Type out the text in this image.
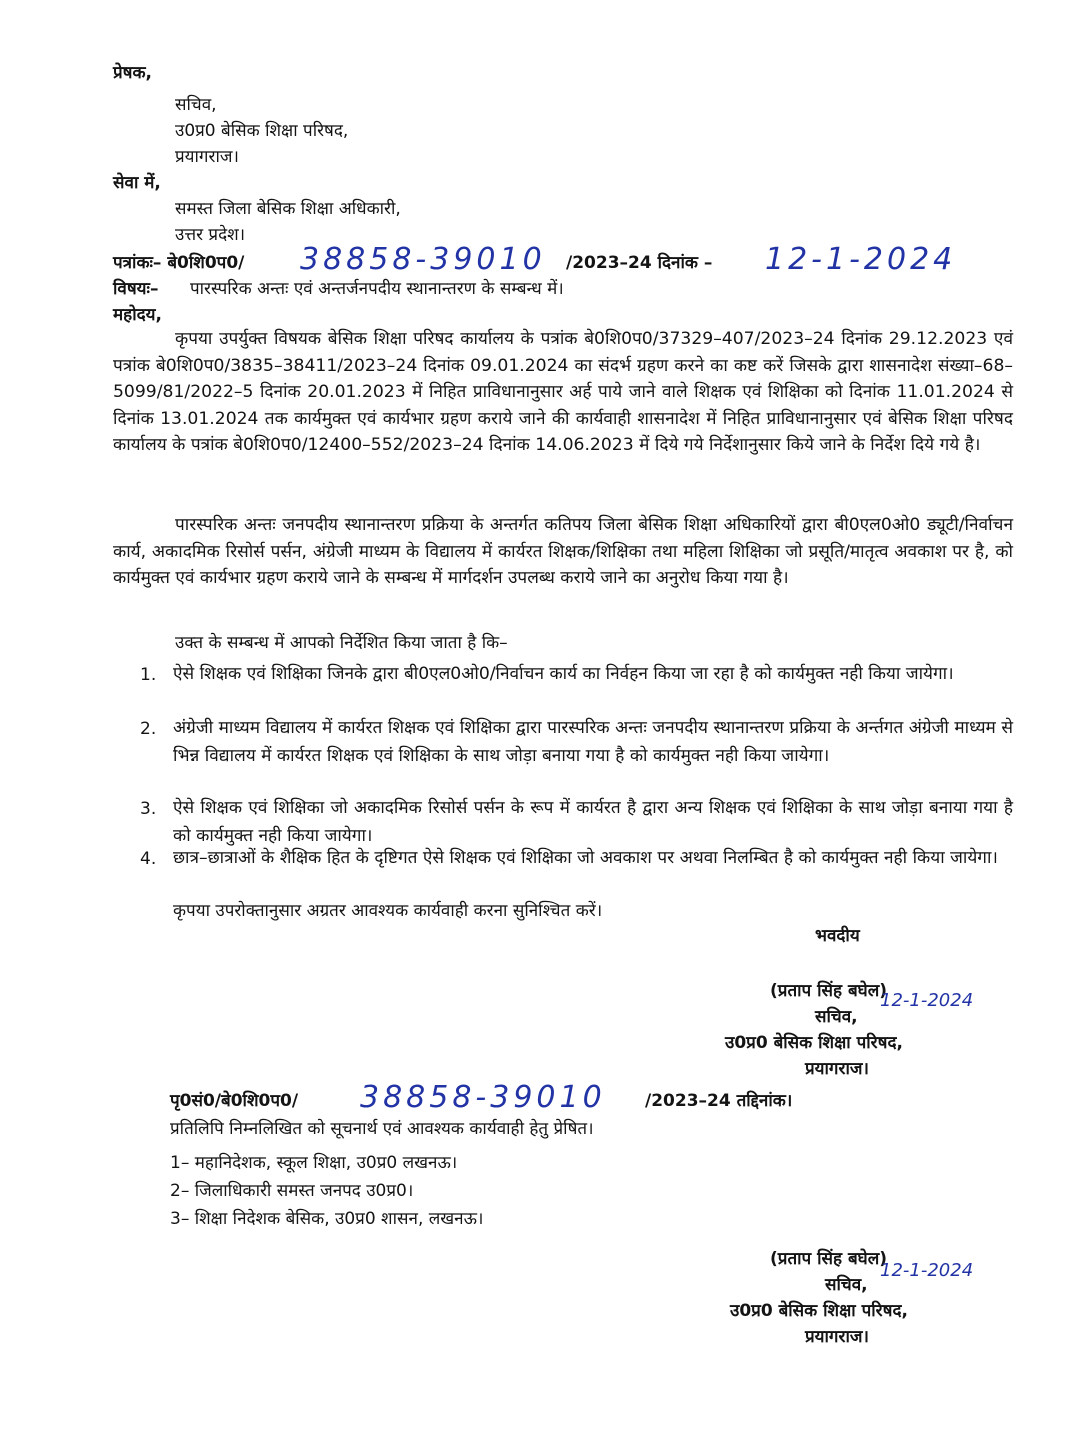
प्रेषक,
सचिव,
उ0प्र0 बेसिक शिक्षा परिषद,
प्रयागराज।
सेवा में,
समस्त जिला बेसिक शिक्षा अधिकारी,
उत्तर प्रदेश।
पत्रांकः– बे0शि0प0/ 38858-39010 /2023–24 दिनांक – 12-1-2024
विषयः– पारस्परिक अन्तः एवं अन्तर्जनपदीय स्थानान्तरण के सम्बन्ध में।
महोदय,
कृपया उपर्युक्त विषयक बेसिक शिक्षा परिषद कार्यालय के पत्रांक बे0शि0प0/37329–407/2023–24 दिनांक 29.12.2023 एवं पत्रांक बे0शि0प0/3835–38411/2023–24 दिनांक 09.01.2024 का संदर्भ ग्रहण करने का कष्ट करें जिसके द्वारा शासनादेश संख्या–68–5099/81/2022–5 दिनांक 20.01.2023 में निहित प्राविधानानुसार अर्ह पाये जाने वाले शिक्षक एवं शिक्षिका को दिनांक 11.01.2024 से दिनांक 13.01.2024 तक कार्यमुक्त एवं कार्यभार ग्रहण कराये जाने की कार्यवाही शासनादेश में निहित प्राविधानानुसार एवं बेसिक शिक्षा परिषद कार्यालय के पत्रांक बे0शि0प0/12400–552/2023–24 दिनांक 14.06.2023 में दिये गये निर्देशानुसार किये जाने के निर्देश दिये गये है।
पारस्परिक अन्तः जनपदीय स्थानान्तरण प्रक्रिया के अन्तर्गत कतिपय जिला बेसिक शिक्षा अधिकारियों द्वारा बी0एल0ओ0 ड्यूटी/निर्वाचन कार्य, अकादमिक रिसोर्स पर्सन, अंग्रेजी माध्यम के विद्यालय में कार्यरत शिक्षक/शिक्षिका तथा महिला शिक्षिका जो प्रसूति/मातृत्व अवकाश पर है, को कार्यमुक्त एवं कार्यभार ग्रहण कराये जाने के सम्बन्ध में मार्गदर्शन उपलब्ध कराये जाने का अनुरोध किया गया है।
उक्त के सम्बन्ध में आपको निर्देशित किया जाता है कि–
1. ऐसे शिक्षक एवं शिक्षिका जिनके द्वारा बी0एल0ओ0/निर्वाचन कार्य का निर्वहन किया जा रहा है को कार्यमुक्त नही किया जायेगा।
2. अंग्रेजी माध्यम विद्यालय में कार्यरत शिक्षक एवं शिक्षिका द्वारा पारस्परिक अन्तः जनपदीय स्थानान्तरण प्रक्रिया के अर्न्तगत अंग्रेजी माध्यम से भिन्न विद्यालय में कार्यरत शिक्षक एवं शिक्षिका के साथ जोड़ा बनाया गया है को कार्यमुक्त नही किया जायेगा।
3. ऐसे शिक्षक एवं शिक्षिका जो अकादमिक रिसोर्स पर्सन के रूप में कार्यरत है द्वारा अन्य शिक्षक एवं शिक्षिका के साथ जोड़ा बनाया गया है को कार्यमुक्त नही किया जायेगा।
4. छात्र–छात्राओं के शैक्षिक हित के दृष्टिगत ऐसे शिक्षक एवं शिक्षिका जो अवकाश पर अथवा निलम्बित है को कार्यमुक्त नही किया जायेगा।
कृपया उपरोक्तानुसार अग्रतर आवश्यक कार्यवाही करना सुनिश्चित करें।
भवदीय
(प्रताप सिंह बघेल)
12-1-2024
सचिव,
उ0प्र0 बेसिक शिक्षा परिषद,
प्रयागराज।
पृ0सं0/बे0शि0प0/ 38858-39010 /2023–24 तद्दिनांक।
प्रतिलिपि निम्नलिखित को सूचनार्थ एवं आवश्यक कार्यवाही हेतु प्रेषित।
1– महानिदेशक, स्कूल शिक्षा, उ0प्र0 लखनऊ।
2– जिलाधिकारी समस्त जनपद उ0प्र0।
3– शिक्षा निदेशक बेसिक, उ0प्र0 शासन, लखनऊ।
(प्रताप सिंह बघेल)
12-1-2024
सचिव,
उ0प्र0 बेसिक शिक्षा परिषद,
प्रयागराज।
